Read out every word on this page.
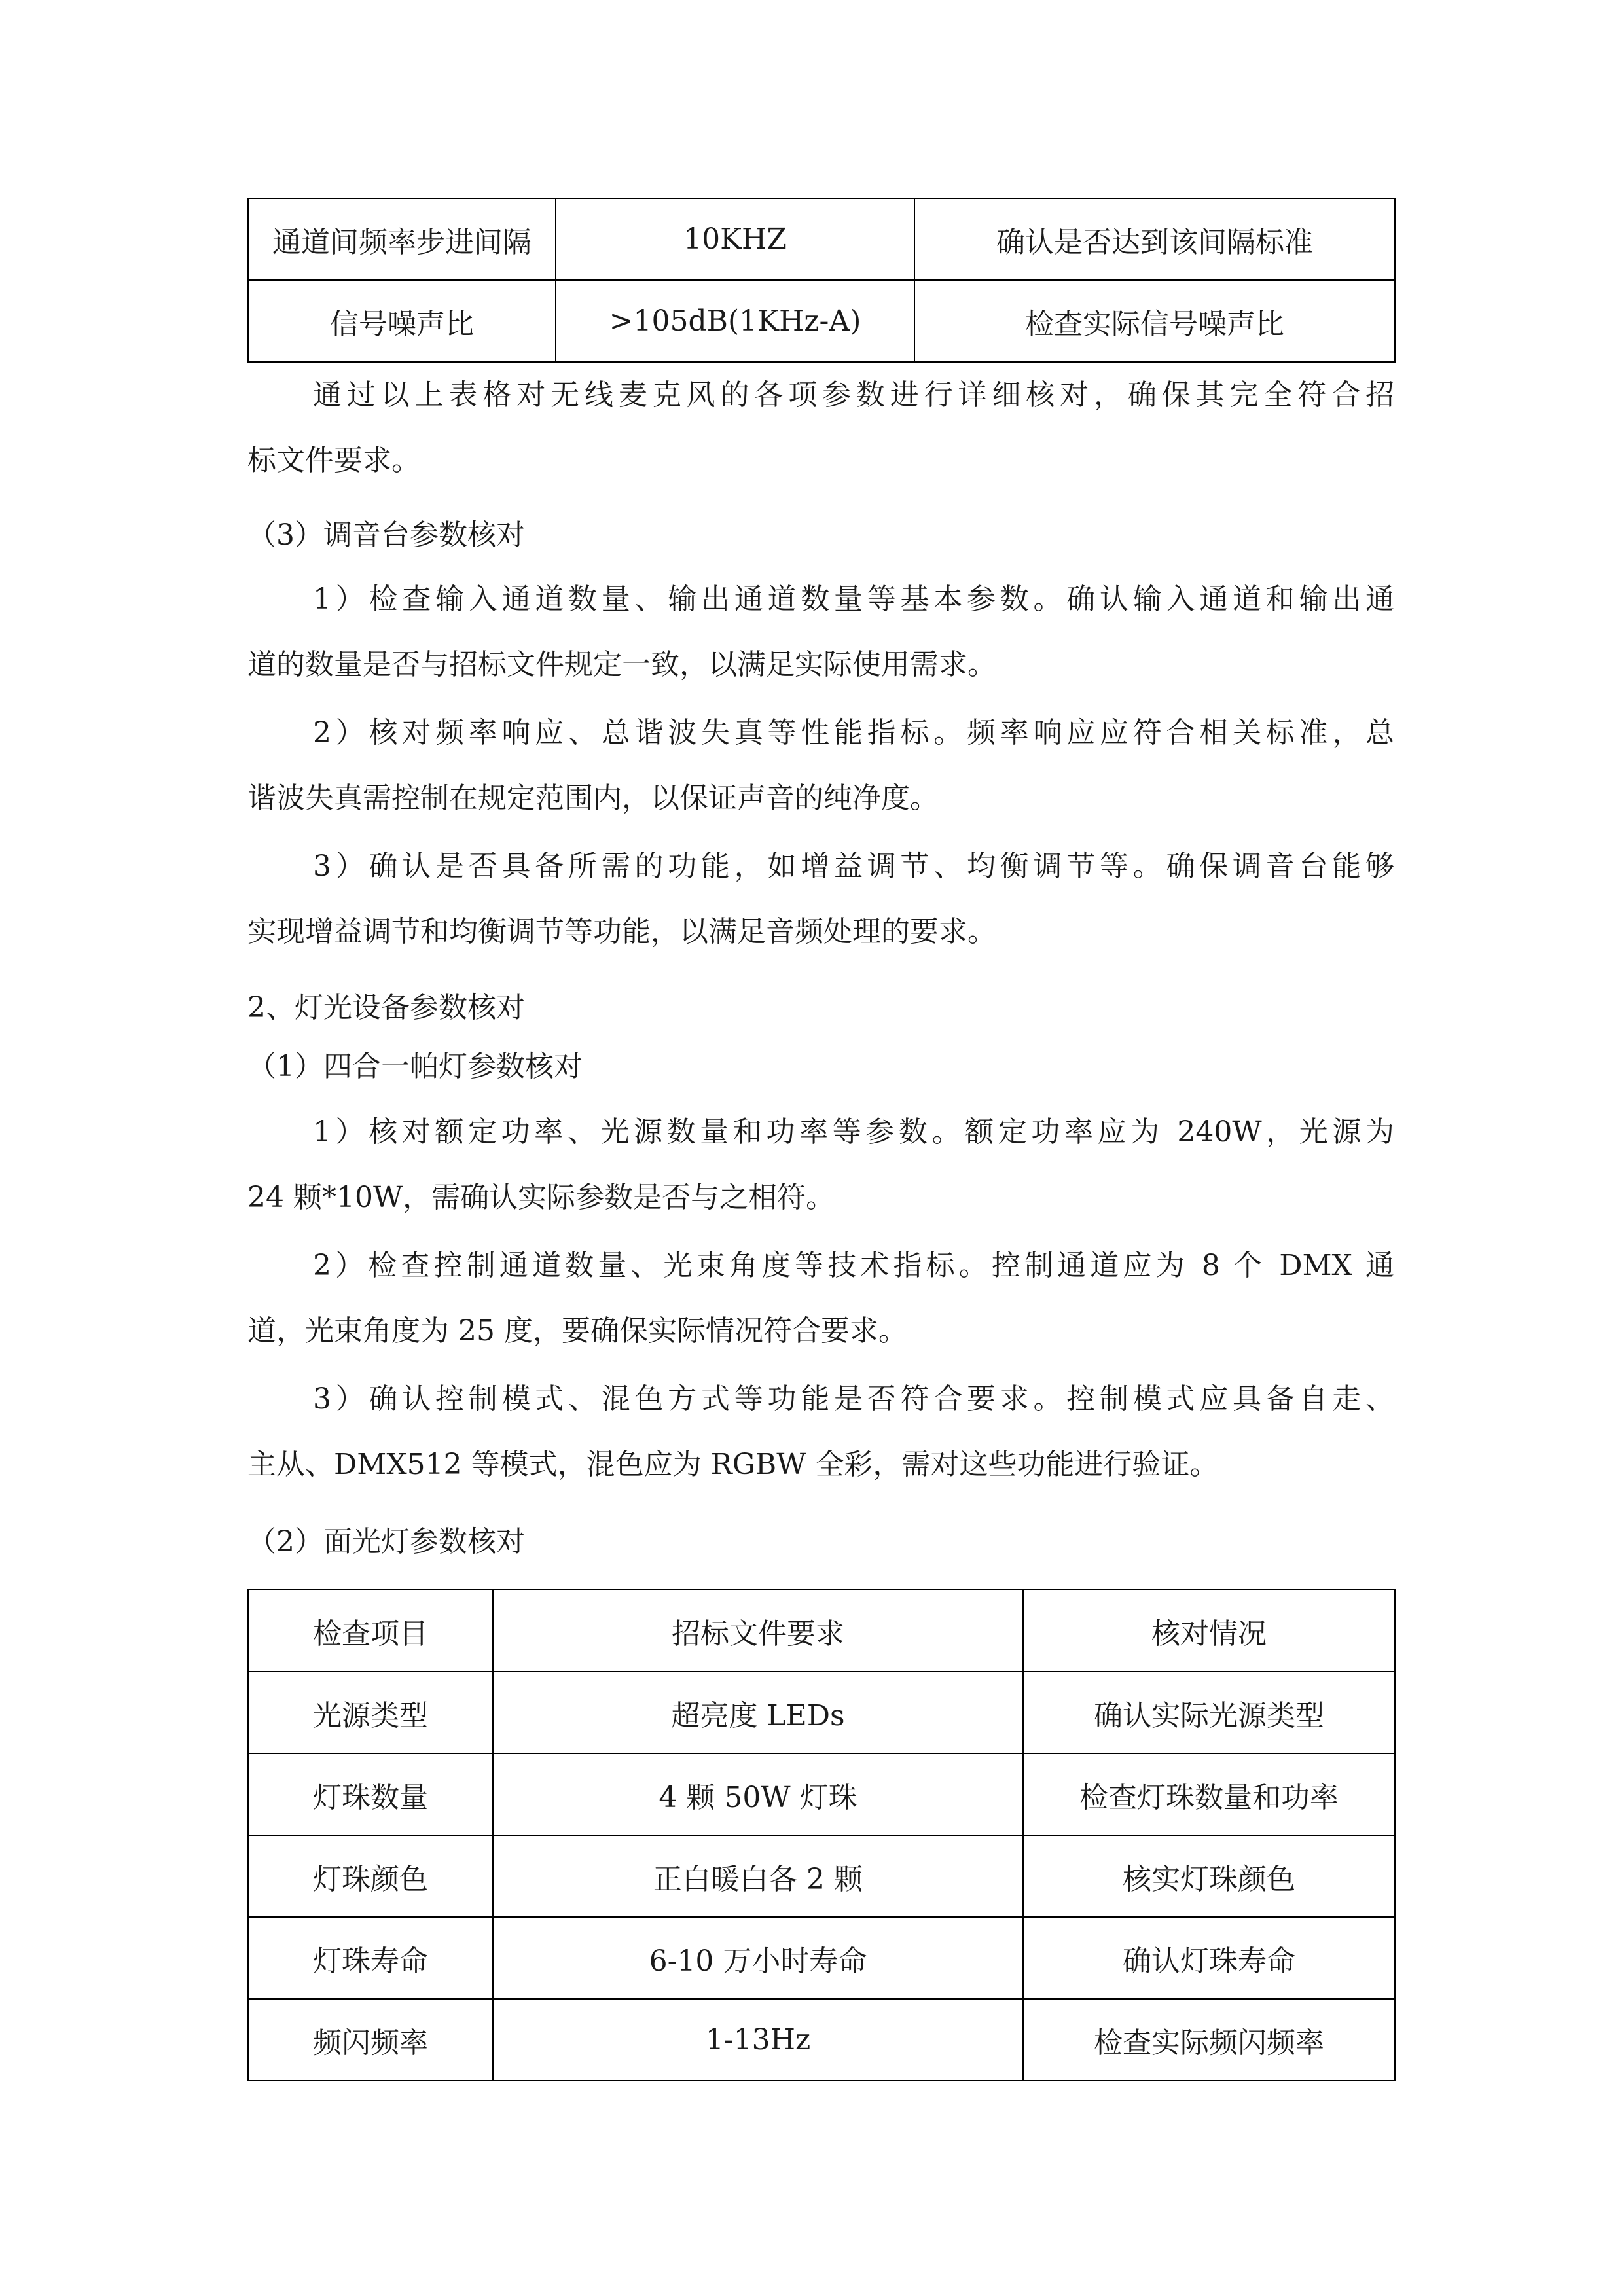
通道间频率步进间隔	10KHZ	确认是否达到该间隔标准
信号噪声比	>105dB(1KHz-A)	检查实际信号噪声比
通过以上表格对无线麦克风的各项参数进行详细核对，确保其完全符合招
标文件要求。
（3）调音台参数核对
1）检查输入通道数量、输出通道数量等基本参数。确认输入通道和输出通
道的数量是否与招标文件规定一致，以满足实际使用需求。
2）核对频率响应、总谐波失真等性能指标。频率响应应符合相关标准，总
谐波失真需控制在规定范围内，以保证声音的纯净度。
3）确认是否具备所需的功能，如增益调节、均衡调节等。确保调音台能够
实现增益调节和均衡调节等功能，以满足音频处理的要求。
2、灯光设备参数核对
（1）四合一帕灯参数核对
1）核对额定功率、光源数量和功率等参数。额定功率应为 240W，光源为
24 颗*10W，需确认实际参数是否与之相符。
2）检查控制通道数量、光束角度等技术指标。控制通道应为 8 个 DMX 通
道，光束角度为 25 度，要确保实际情况符合要求。
3）确认控制模式、混色方式等功能是否符合要求。控制模式应具备自走、
主从、DMX512 等模式，混色应为 RGBW 全彩，需对这些功能进行验证。
（2）面光灯参数核对
检查项目	招标文件要求	核对情况
光源类型	超亮度 LEDs	确认实际光源类型
灯珠数量	4 颗 50W 灯珠	检查灯珠数量和功率
灯珠颜色	正白暖白各 2 颗	核实灯珠颜色
灯珠寿命	6-10 万小时寿命	确认灯珠寿命
频闪频率	1-13Hz	检查实际频闪频率
